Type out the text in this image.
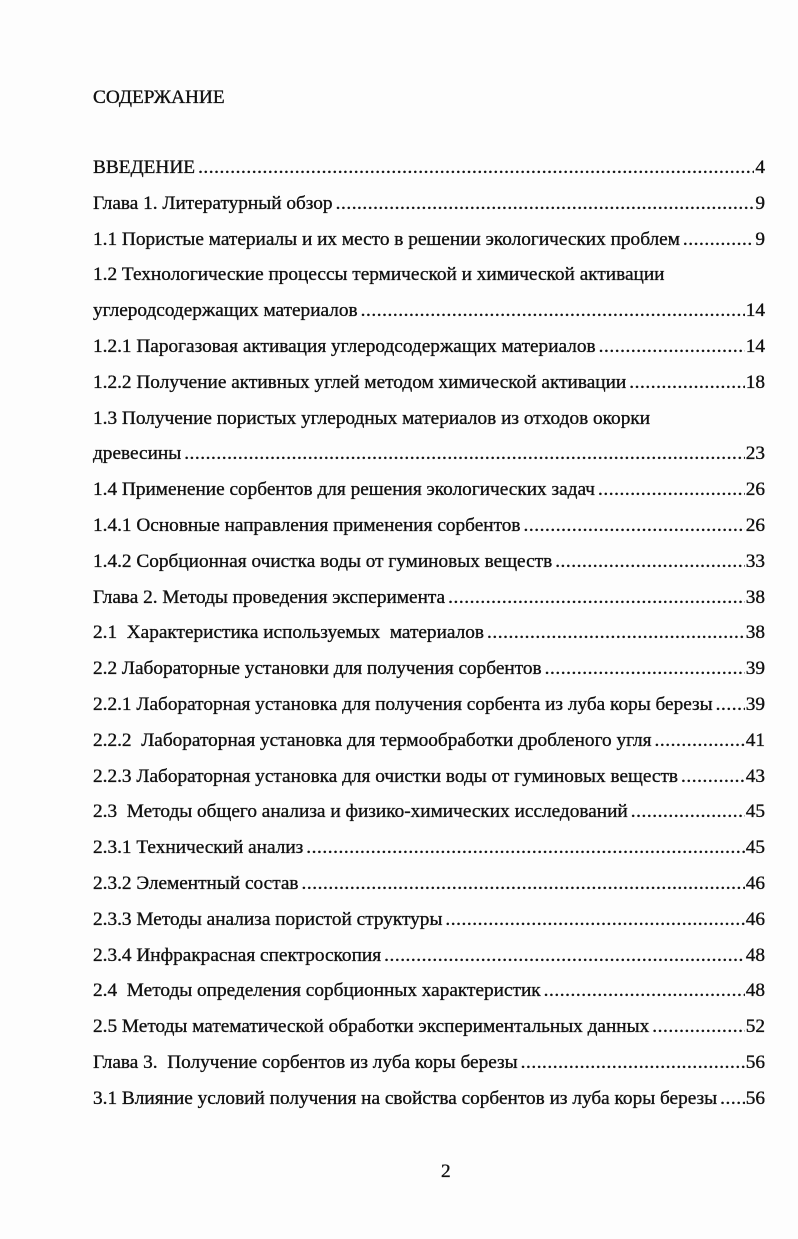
СОДЕРЖАНИЕ
ВВЕДЕНИЕ .....	4
Глава 1. Литературный обзор .....	9
1.1 Пористые материалы и их место в решении экологических проблем .....	9
1.2 Технологические процессы термической и химической активации
углеродсодержащих материалов .....	14
1.2.1 Парогазовая активация углеродсодержащих материалов .....	14
1.2.2 Получение активных углей методом химической активации .....	18
1.3 Получение пористых углеродных материалов из отходов окорки
древесины .....	23
1.4 Применение сорбентов для решения экологических задач .....	26
1.4.1 Основные направления применения сорбентов .....	26
1.4.2 Сорбционная очистка воды от гуминовых веществ .....	33
Глава 2. Методы проведения эксперимента .....	38
2.1  Характеристика используемых  материалов .....	38
2.2 Лабораторные установки для получения сорбентов .....	39
2.2.1 Лабораторная установка для получения сорбента из луба коры березы ..... 39
2.2.2  Лабораторная установка для термообработки дробленого угля .....	41
2.2.3 Лабораторная установка для очистки воды от гуминовых веществ .....	43
2.3  Методы общего анализа и физико-химических исследований .....	45
2.3.1 Технический анализ .....	45
2.3.2 Элементный состав .....	46
2.3.3 Методы анализа пористой структуры .....	46
2.3.4 Инфракрасная спектроскопия .....	48
2.4  Методы определения сорбционных характеристик .....	48
2.5 Методы математической обработки экспериментальных данных .....	52
Глава 3.  Получение сорбентов из луба коры березы .....	56
3.1 Влияние условий получения на свойства сорбентов из луба коры березы ..... 56
2
